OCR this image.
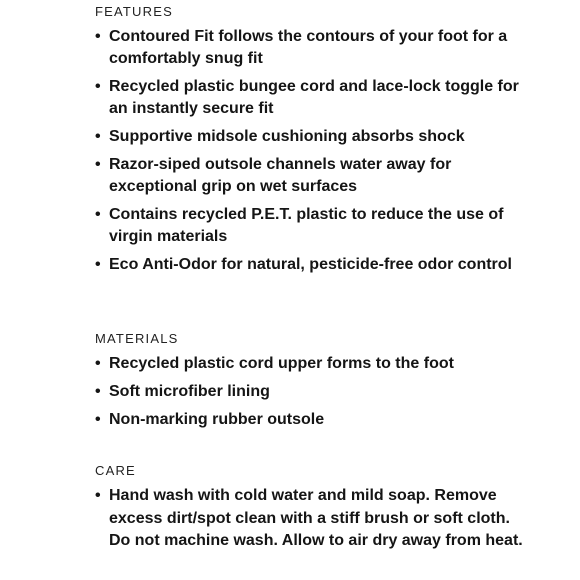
FEATURES
• Contoured Fit follows the contours of your foot for a comfortably snug fit
• Recycled plastic bungee cord and lace-lock toggle for an instantly secure fit
• Supportive midsole cushioning absorbs shock
• Razor-siped outsole channels water away for exceptional grip on wet surfaces
• Contains recycled P.E.T. plastic to reduce the use of virgin materials
• Eco Anti-Odor for natural, pesticide-free odor control
MATERIALS
• Recycled plastic cord upper forms to the foot
• Soft microfiber lining
• Non-marking rubber outsole
CARE
• Hand wash with cold water and mild soap. Remove excess dirt/spot clean with a stiff brush or soft cloth. Do not machine wash. Allow to air dry away from heat.
